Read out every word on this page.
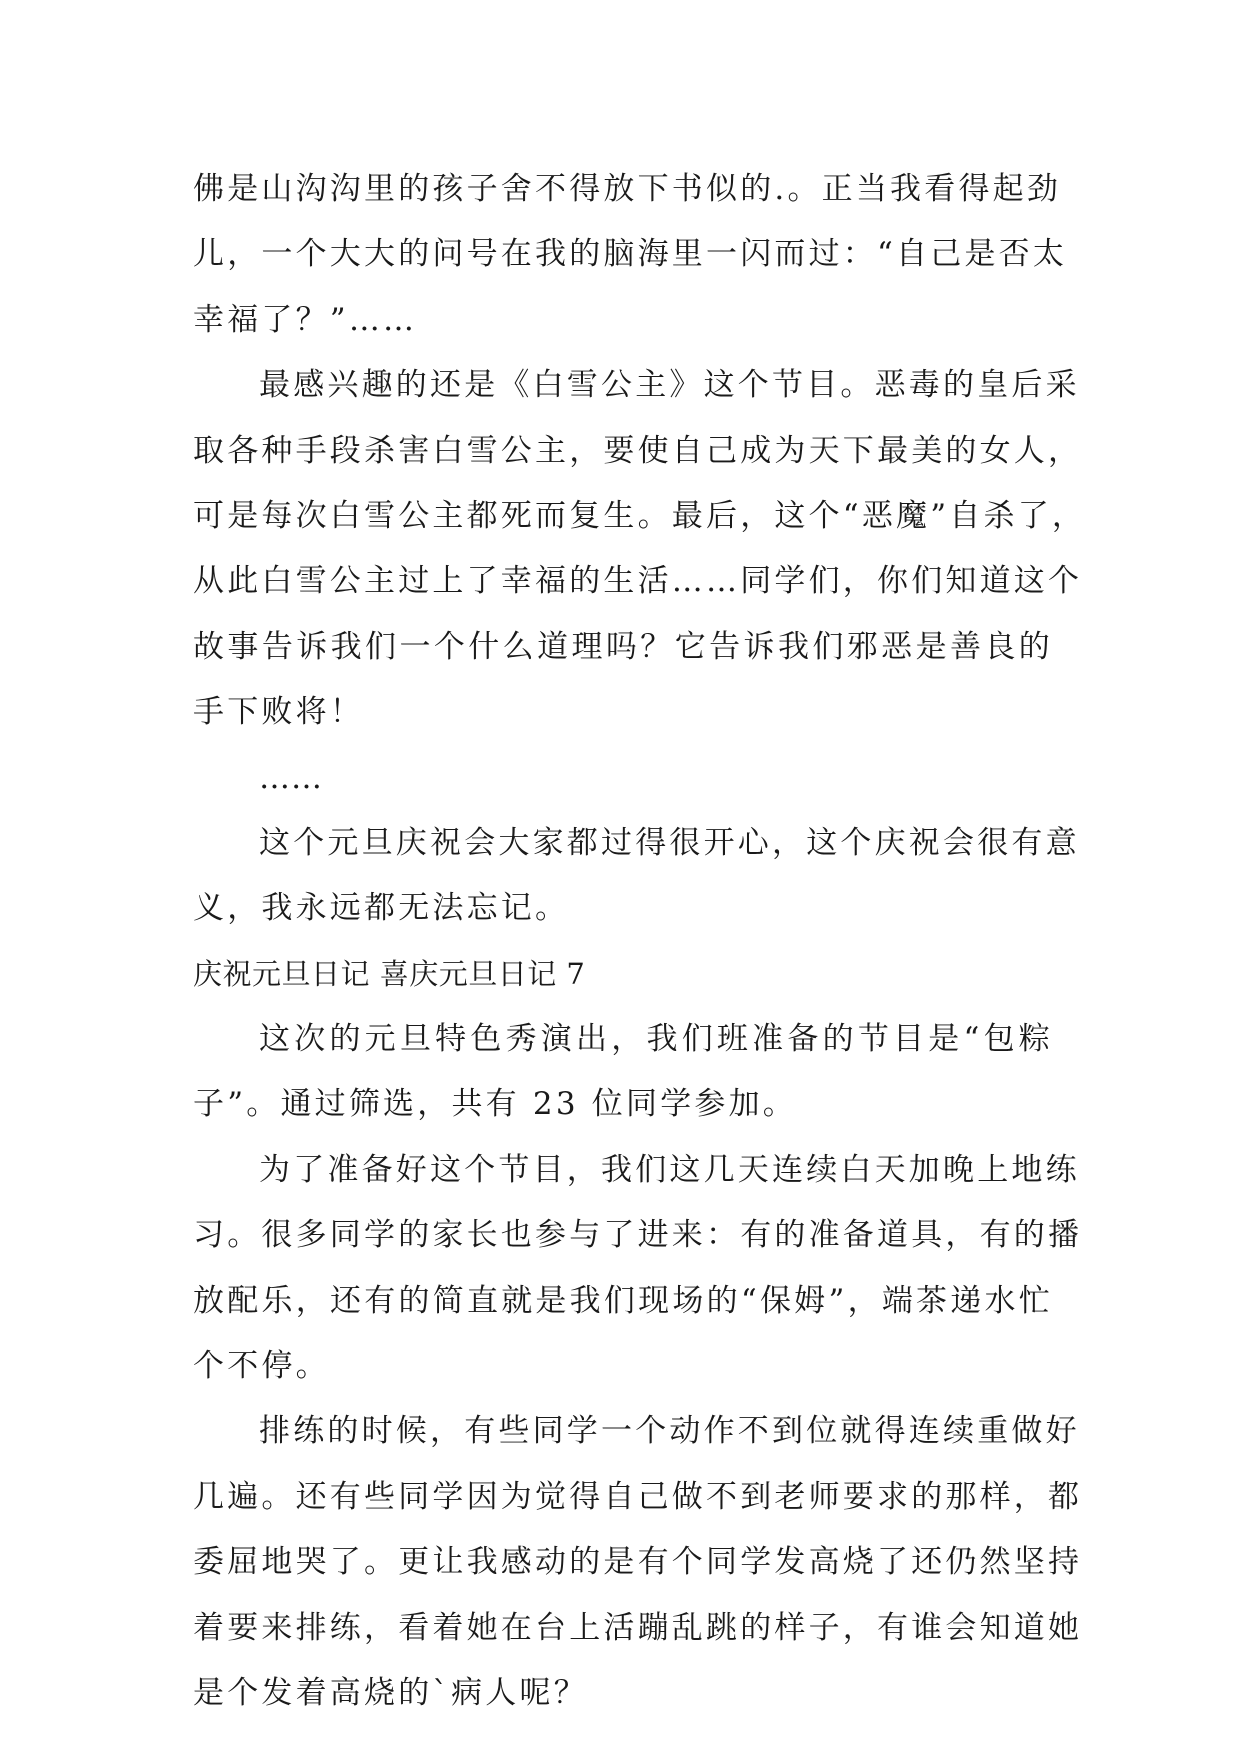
佛是山沟沟里的孩子舍不得放下书似的.。正当我看得起劲
儿，一个大大的问号在我的脑海里一闪而过：“自己是否太
幸福了？”……
最感兴趣的还是《白雪公主》这个节目。恶毒的皇后采
取各种手段杀害白雪公主，要使自己成为天下最美的女人，
可是每次白雪公主都死而复生。最后，这个“恶魔”自杀了，
从此白雪公主过上了幸福的生活……同学们，你们知道这个
故事告诉我们一个什么道理吗？它告诉我们邪恶是善良的
手下败将！
……
这个元旦庆祝会大家都过得很开心，这个庆祝会很有意
义，我永远都无法忘记。
庆祝元旦日记 喜庆元旦日记 7
这次的元旦特色秀演出，我们班准备的节目是“包粽
子”。通过筛选，共有 23 位同学参加。
为了准备好这个节目，我们这几天连续白天加晚上地练
习。很多同学的家长也参与了进来：有的准备道具，有的播
放配乐，还有的简直就是我们现场的“保姆”，端茶递水忙
个不停。
排练的时候，有些同学一个动作不到位就得连续重做好
几遍。还有些同学因为觉得自己做不到老师要求的那样，都
委屈地哭了。更让我感动的是有个同学发高烧了还仍然坚持
着要来排练，看着她在台上活蹦乱跳的样子，有谁会知道她
是个发着高烧的`病人呢？
